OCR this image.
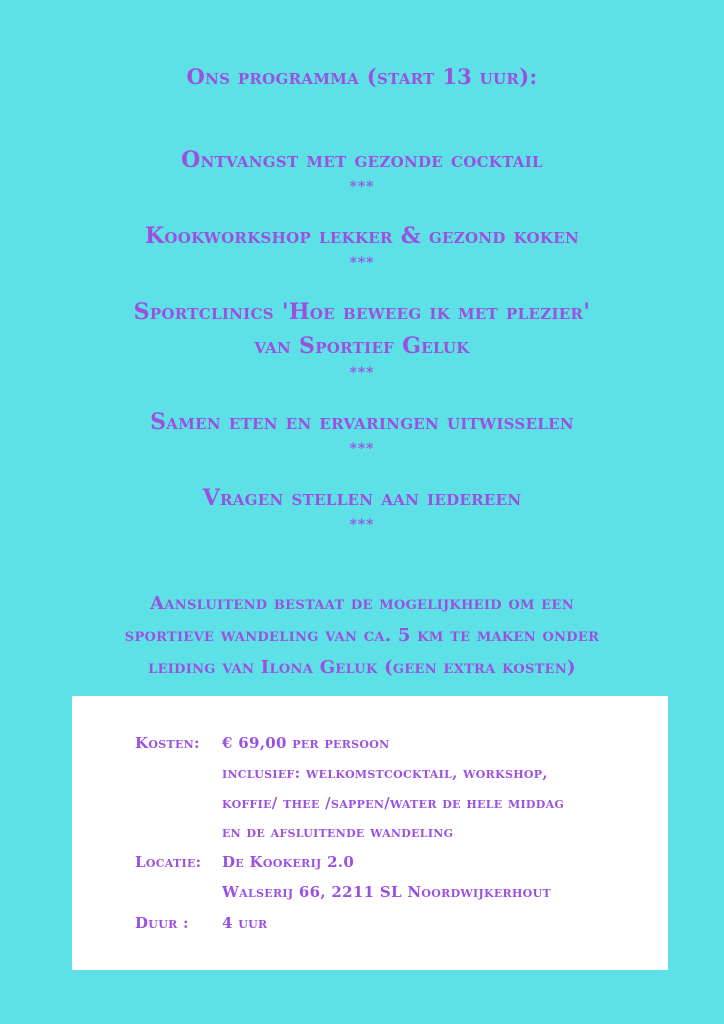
Ons programma (start 13 uur):
Ontvangst met gezonde cocktail
***
Kookworkshop lekker & gezond koken
***
Sportclinics 'Hoe beweeg ik met plezier'
van Sportief Geluk
***
Samen eten en ervaringen uitwisselen
***
Vragen stellen aan iedereen
***
Aansluitend bestaat de mogelijkheid om een
sportieve wandeling van ca. 5 km te maken onder
leiding van Ilona Geluk (geen extra kosten)
Kosten: € 69,00 per persoon
inclusief: welkomstcocktail, workshop,
koffie/ thee /sappen/water de hele middag
en de afsluitende wandeling
Locatie: De Kookerij 2.0
Walserij 66, 2211 SL Noordwijkerhout
Duur : 4 uur
